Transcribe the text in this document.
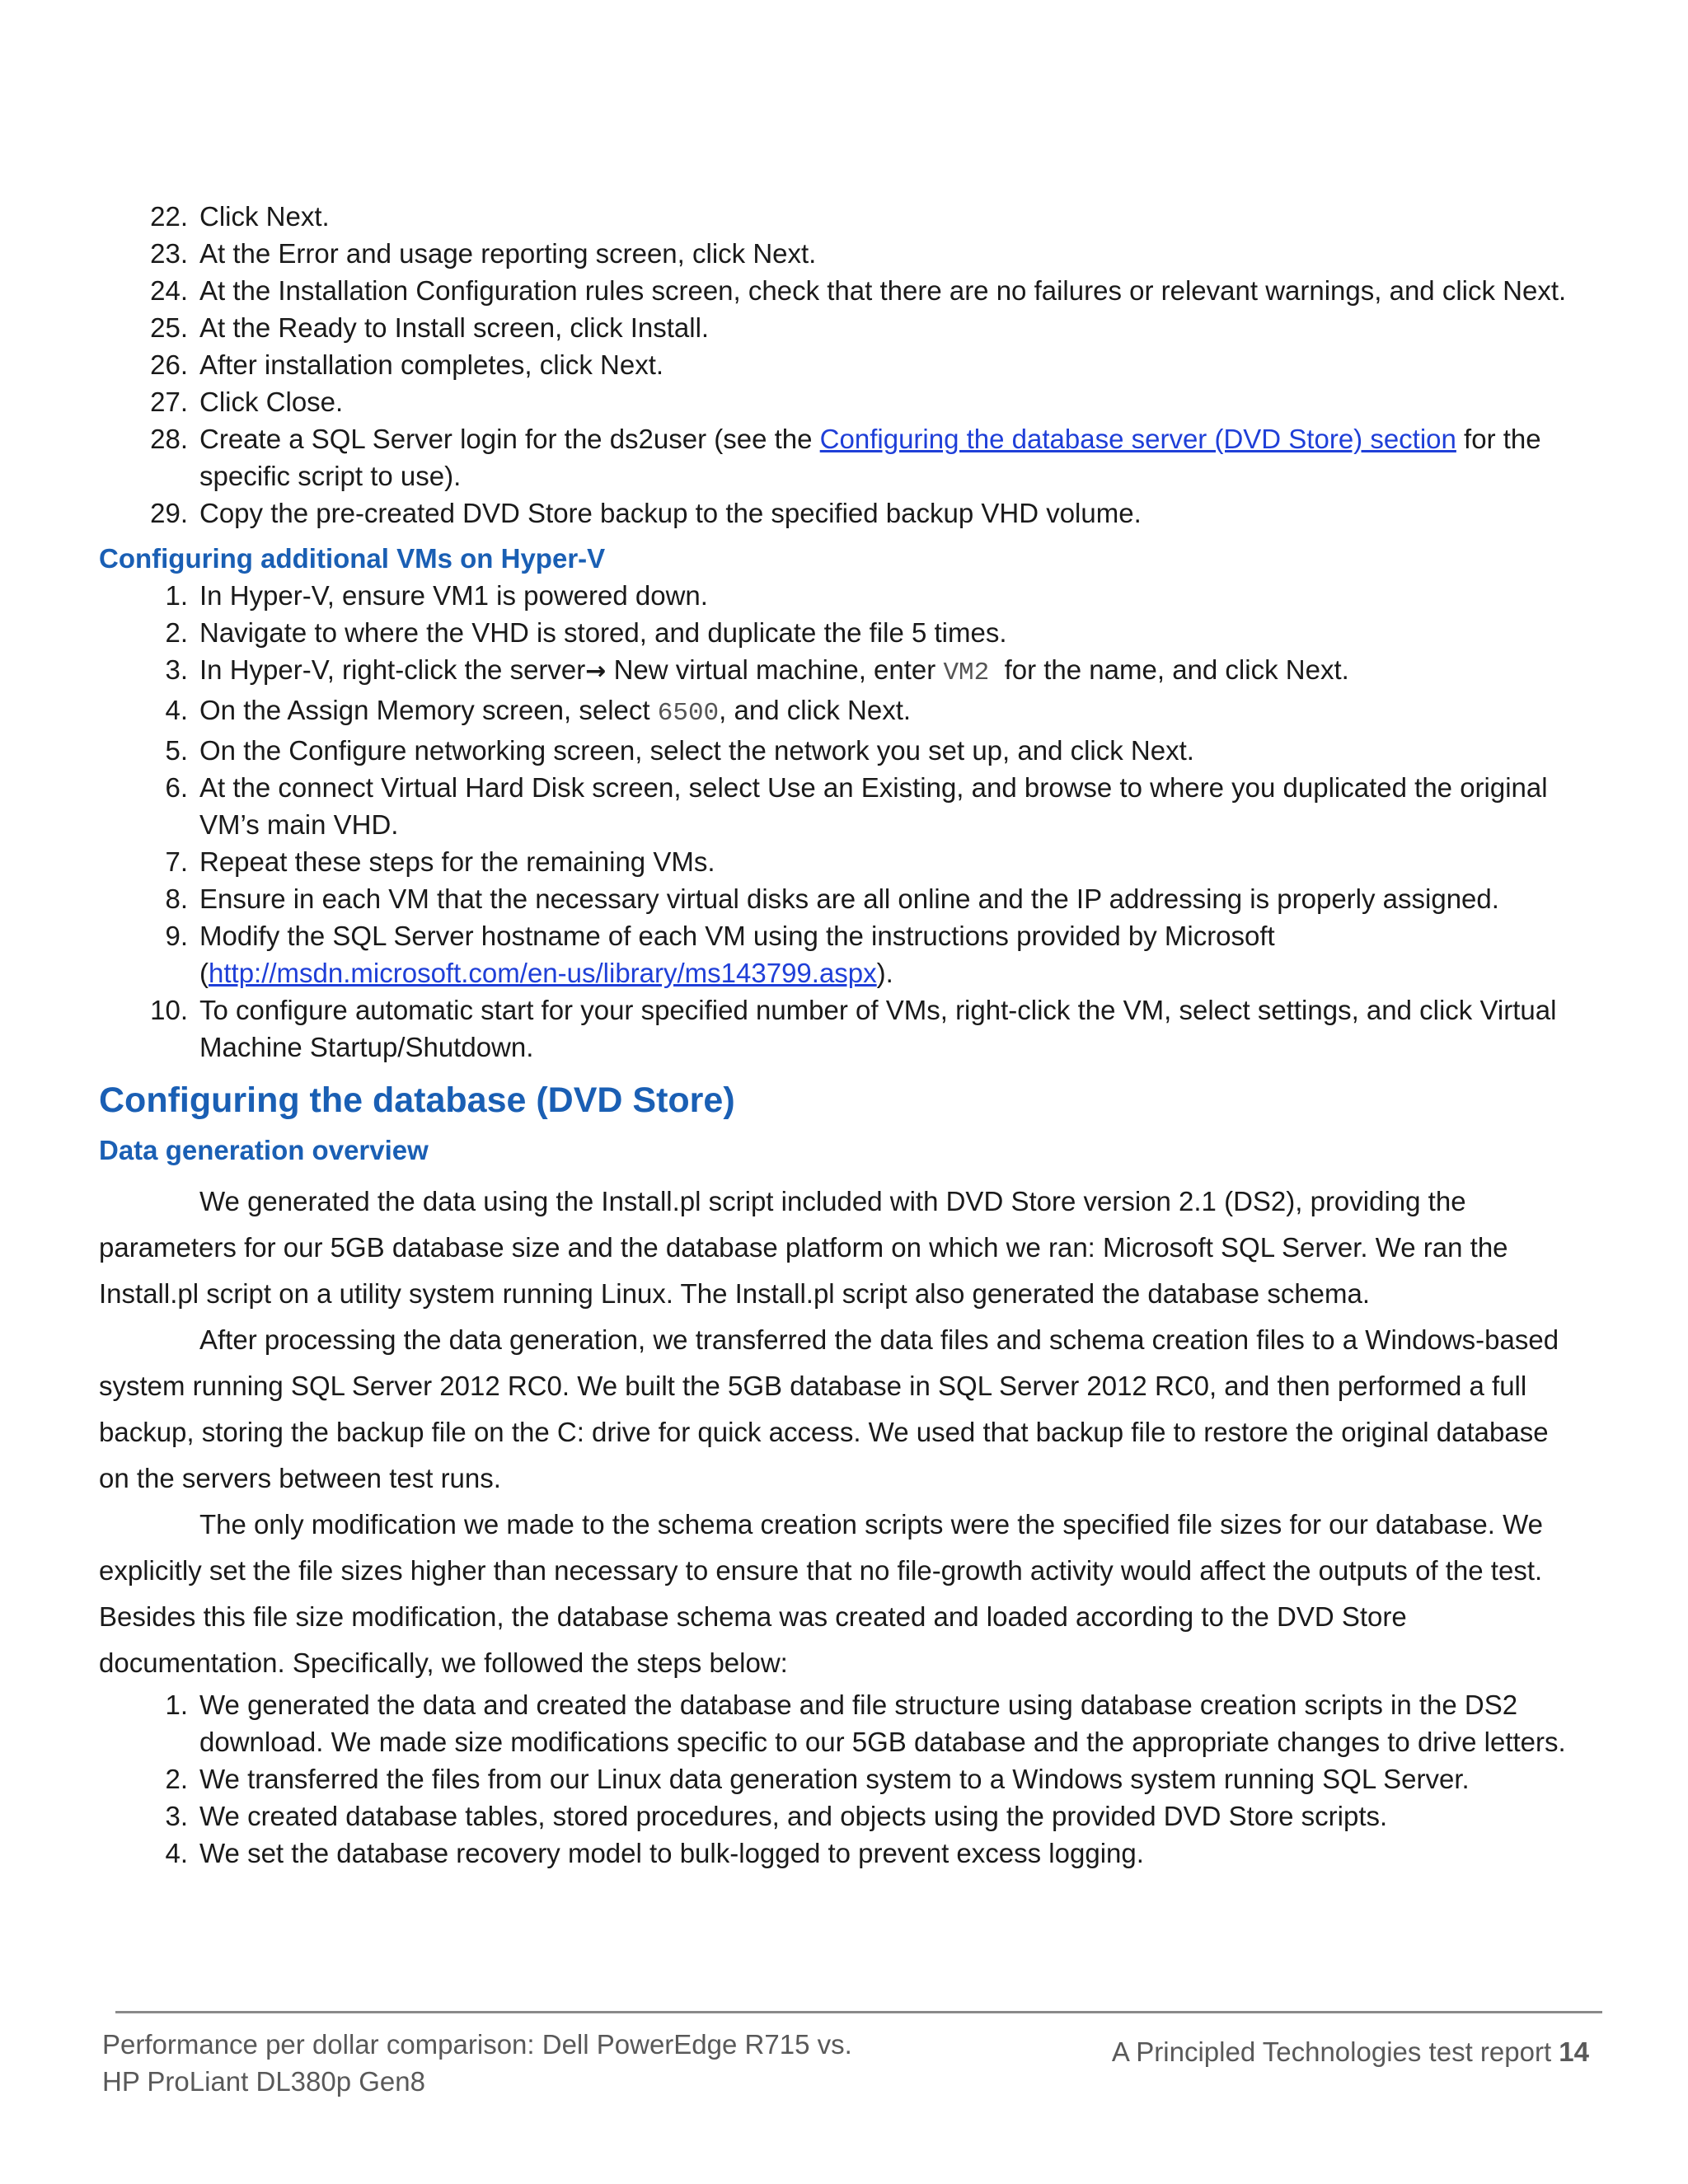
22. Click Next.
23. At the Error and usage reporting screen, click Next.
24. At the Installation Configuration rules screen, check that there are no failures or relevant warnings, and click Next.
25. At the Ready to Install screen, click Install.
26. After installation completes, click Next.
27. Click Close.
28. Create a SQL Server login for the ds2user (see the Configuring the database server (DVD Store) section for the specific script to use).
29. Copy the pre-created DVD Store backup to the specified backup VHD volume.
Configuring additional VMs on Hyper-V
1. In Hyper-V, ensure VM1 is powered down.
2. Navigate to where the VHD is stored, and duplicate the file 5 times.
3. In Hyper-V, right-click the server→ New virtual machine, enter VM2  for the name, and click Next.
4. On the Assign Memory screen, select 6500, and click Next.
5. On the Configure networking screen, select the network you set up, and click Next.
6. At the connect Virtual Hard Disk screen, select Use an Existing, and browse to where you duplicated the original VM’s main VHD.
7. Repeat these steps for the remaining VMs.
8. Ensure in each VM that the necessary virtual disks are all online and the IP addressing is properly assigned.
9. Modify the SQL Server hostname of each VM using the instructions provided by Microsoft (http://msdn.microsoft.com/en-us/library/ms143799.aspx).
10. To configure automatic start for your specified number of VMs, right-click the VM, select settings, and click Virtual Machine Startup/Shutdown.
Configuring the database (DVD Store)
Data generation overview

We generated the data using the Install.pl script included with DVD Store version 2.1 (DS2), providing the parameters for our 5GB database size and the database platform on which we ran: Microsoft SQL Server. We ran the Install.pl script on a utility system running Linux. The Install.pl script also generated the database schema.

After processing the data generation, we transferred the data files and schema creation files to a Windows-based system running SQL Server 2012 RC0. We built the 5GB database in SQL Server 2012 RC0, and then performed a full backup, storing the backup file on the C: drive for quick access. We used that backup file to restore the original database on the servers between test runs.

The only modification we made to the schema creation scripts were the specified file sizes for our database. We explicitly set the file sizes higher than necessary to ensure that no file-growth activity would affect the outputs of the test. Besides this file size modification, the database schema was created and loaded according to the DVD Store documentation. Specifically, we followed the steps below:

1. We generated the data and created the database and file structure using database creation scripts in the DS2 download. We made size modifications specific to our 5GB database and the appropriate changes to drive letters.
2. We transferred the files from our Linux data generation system to a Windows system running SQL Server.
3. We created database tables, stored procedures, and objects using the provided DVD Store scripts.
4. We set the database recovery model to bulk-logged to prevent excess logging.
Performance per dollar comparison: Dell PowerEdge R715 vs.
HP ProLiant DL380p Gen8
A Principled Technologies test report 14
